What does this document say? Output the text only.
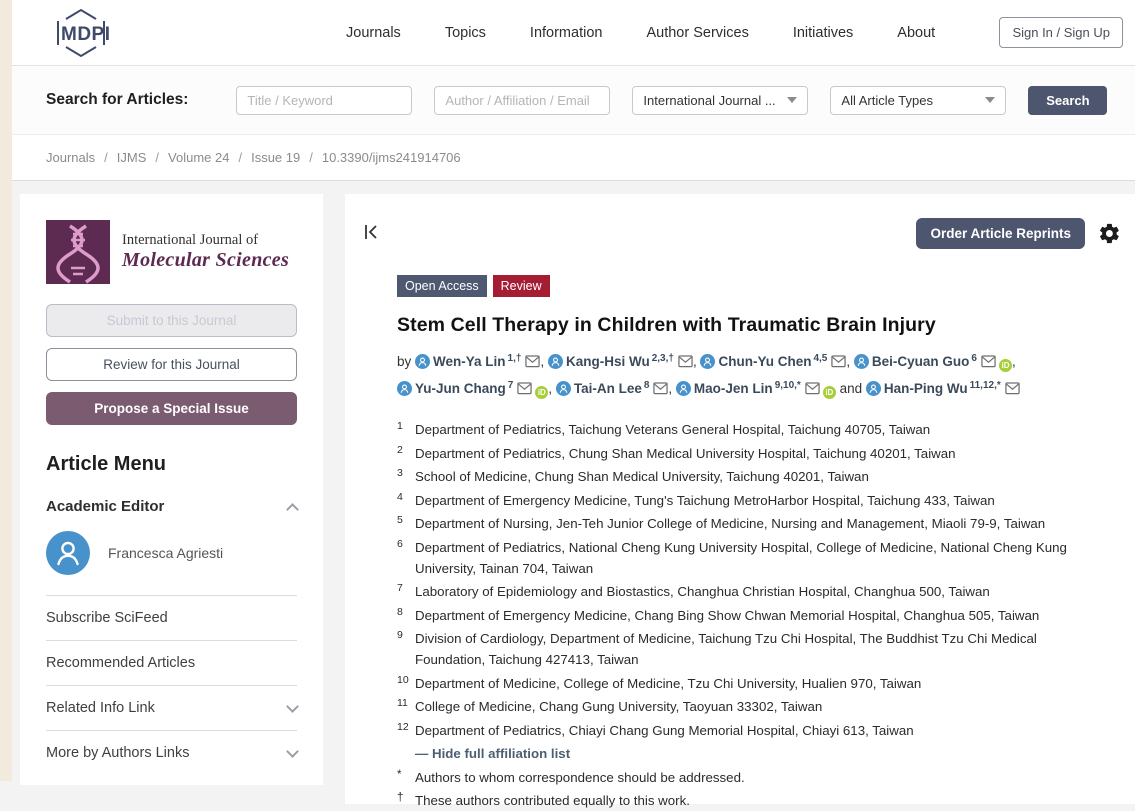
MDPI	Journals	Topics	Information	Author Services	Initiatives	About	Sign In / Sign Up
Search for Articles:
Title / Keyword
Author / Affiliation / Email	International Journal ...	All Article Types	Search
Journals / IJMS / Volume 24 / Issue 19 / 10.3390/ijms241914706
International Journal of
Molecular Sciences
Submit to this Journal Review for this Journal Propose a Special Issue
Article Menu
Academic Editor
Francesca Agriesti
Subscribe SciFeed
Recommended Articles
Related Info Link
More by Authors Links
Order Article Reprints
Open Access	Review
Stem Cell Therapy in Children with Traumatic Brain Injury
by Wen-Ya Lin $^{1,\dagger}$ , Kang-Hsi Wu $^{2,3,\dagger}$ , Chun-Yu Chen $^{4,5}$ , Bei-Cyuan Guo $^6$iD , Yu-Jun Chang $^7$iD , Tai-An Lee $^8$ , Mao-Jen Lin $^{9,10,*}$iD and Han-Ping Wu $^{11,12,*}$
1 Department of Pediatrics, Taichung Veterans General Hospital, Taichung 40705, Taiwan
2 Department of Pediatrics, Chung Shan Medical University Hospital, Taichung 40201, Taiwan
3 School of Medicine, Chung Shan Medical University, Taichung 40201, Taiwan
4 Department of Emergency Medicine, Tung's Taichung MetroHarbor Hospital, Taichung 433, Taiwan
5 Department of Nursing, Jen-Teh Junior College of Medicine, Nursing and Management, Miaoli 79-9, Taiwan
6 Department of Pediatrics, National Cheng Kung University Hospital, College of Medicine, National Cheng Kung University, Tainan 704, Taiwan
7 Laboratory of Epidemiology and Biostastics, Changhua Christian Hospital, Changhua 500, Taiwan
8 Department of Emergency Medicine, Chang Bing Show Chwan Memorial Hospital, Changhua 505, Taiwan
9 Division of Cardiology, Department of Medicine, Taichung Tzu Chi Hospital, The Buddhist Tzu Chi Medical Foundation, Taichung 427413, Taiwan
10 Department of Medicine, College of Medicine, Tzu Chi University, Hualien 970, Taiwan
11 College of Medicine, Chang Gung University, Taoyuan 33302, Taiwan
12 Department of Pediatrics, Chiayi Chang Gung Memorial Hospital, Chiayi 613, Taiwan
— Hide full affiliation list
*	Authors to whom correspondence should be addressed.
† These authors contributed equally to this work.
